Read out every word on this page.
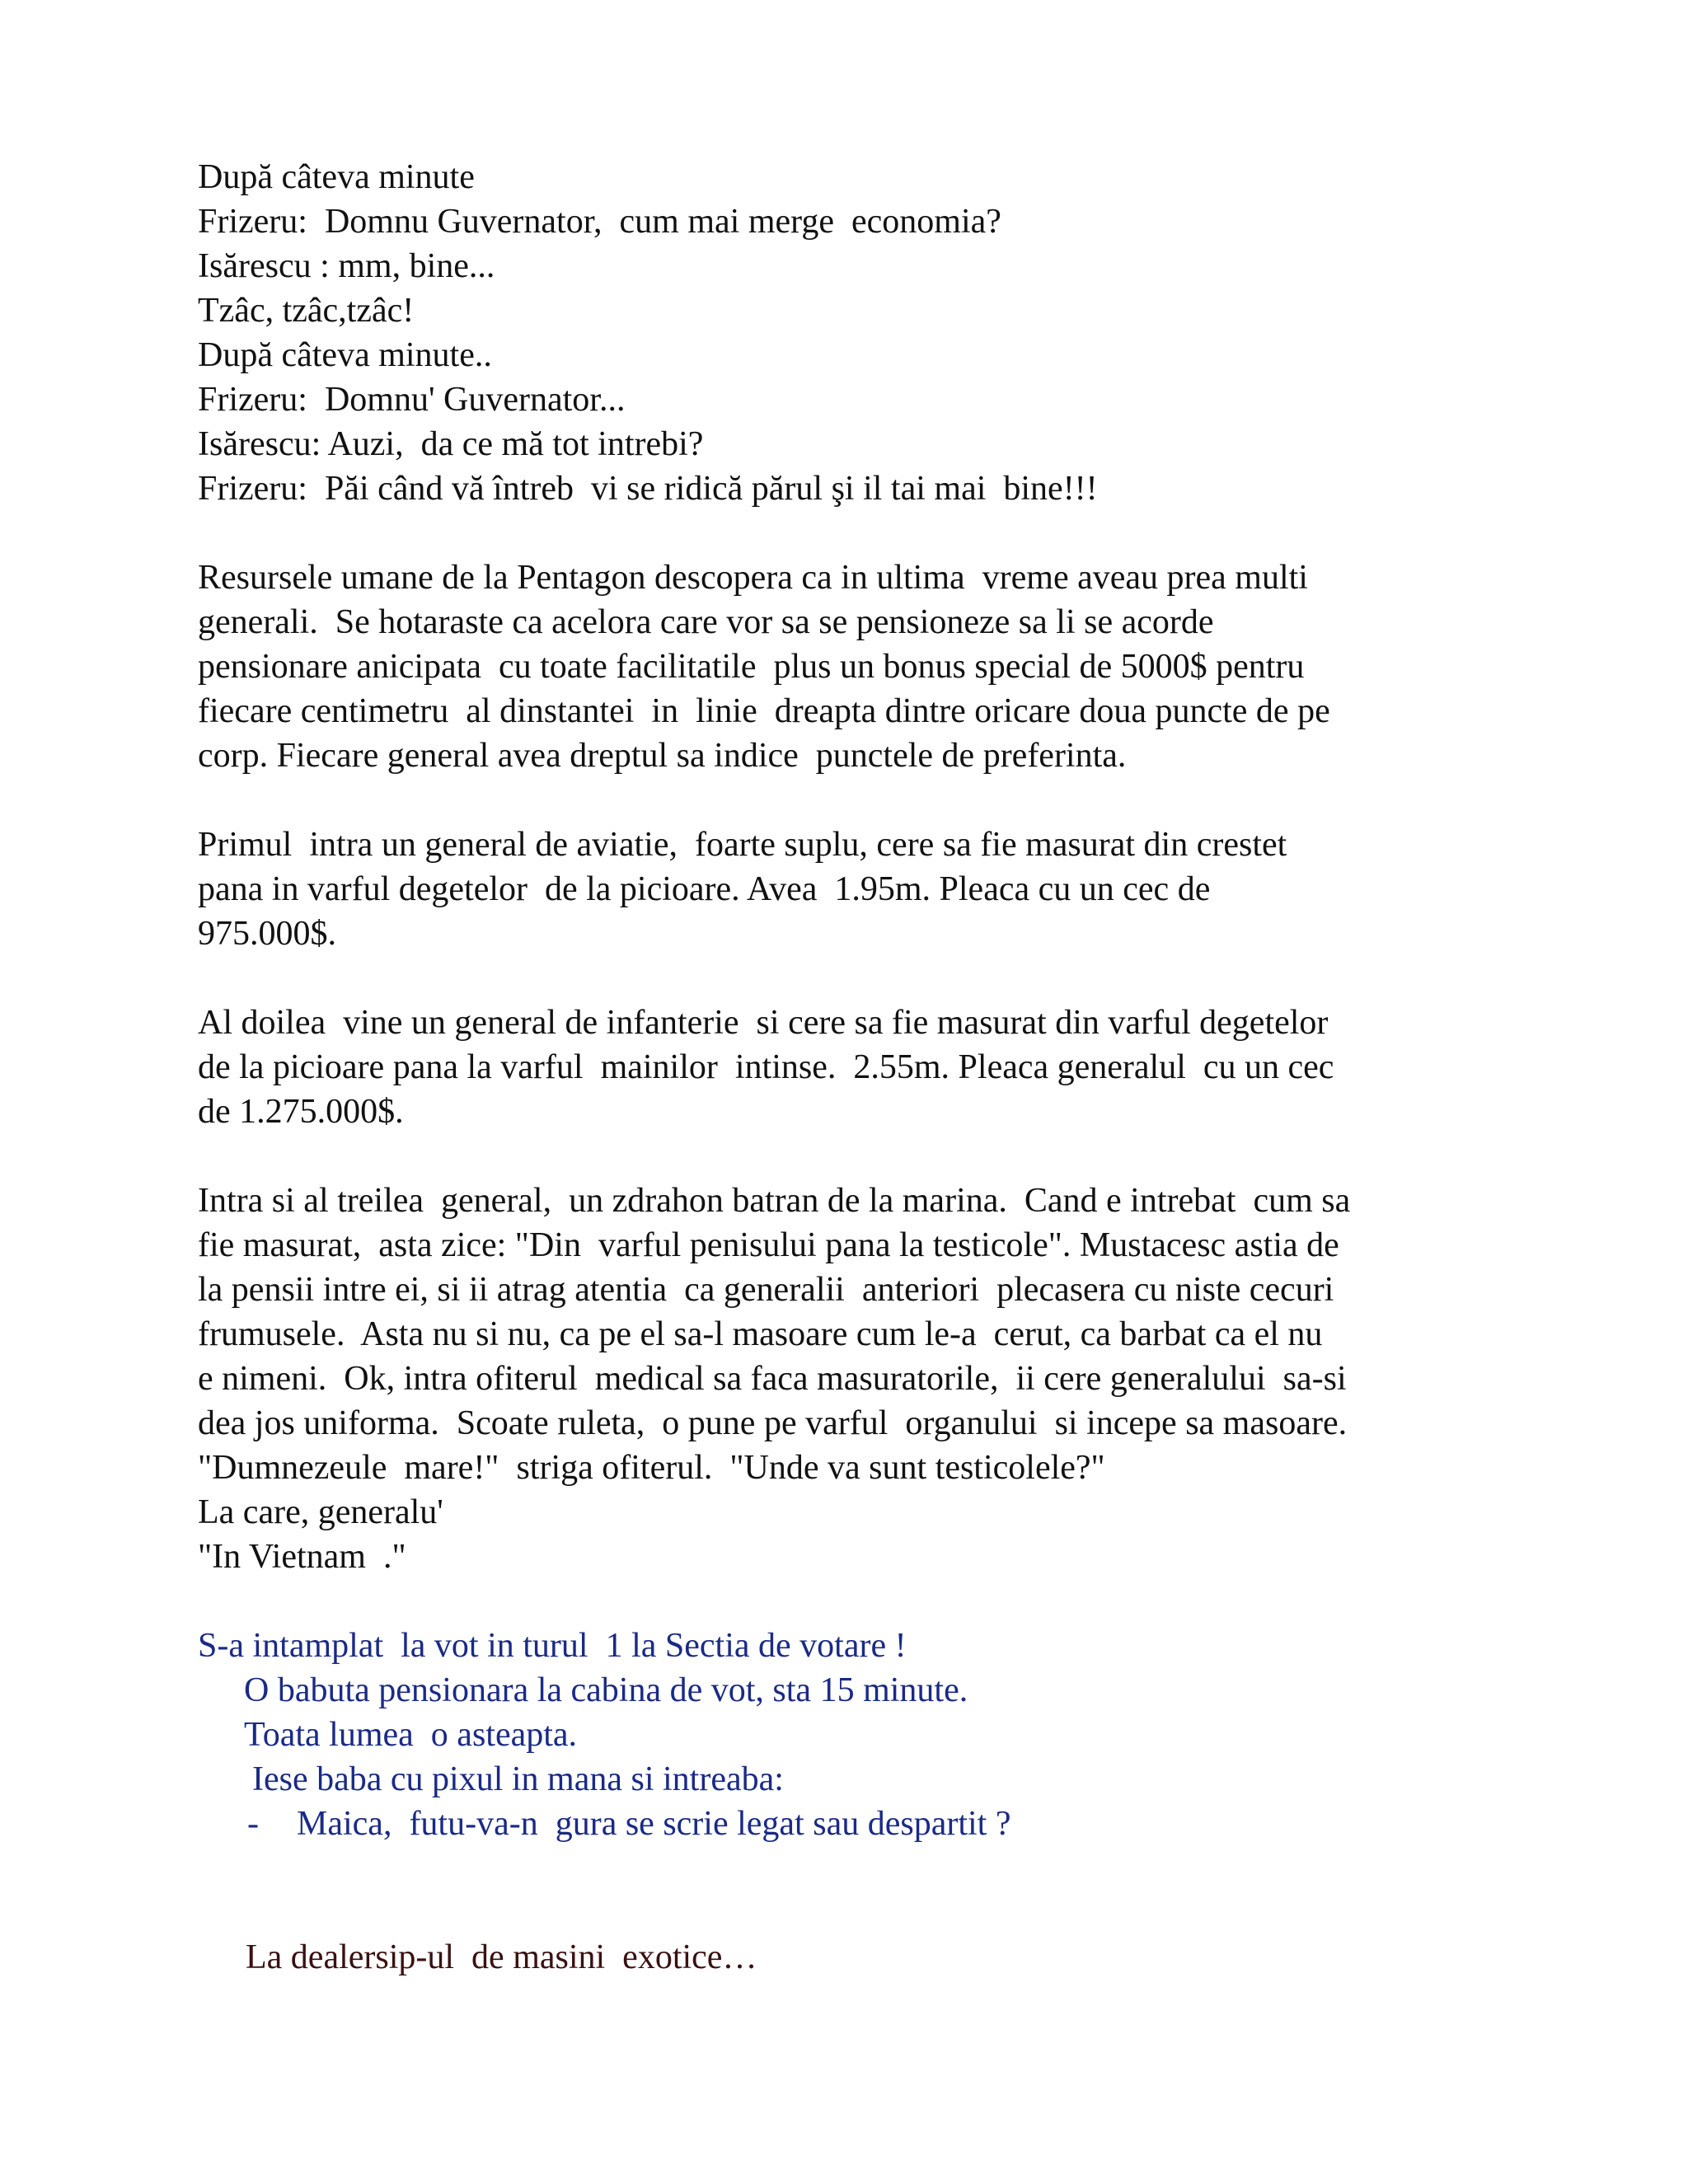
După câteva minute
Frizeru:  Domnu Guvernator,  cum mai merge  economia?
Isărescu : mm, bine...
Tzâc, tzâc,tzâc!
După câteva minute..
Frizeru:  Domnu' Guvernator...
Isărescu: Auzi,  da ce mă tot intrebi?
Frizeru:  Păi când vă întreb  vi se ridică părul şi il tai mai  bine!!!
Resursele umane de la Pentagon descopera ca in ultima  vreme aveau prea multi
generali.  Se hotaraste ca acelora care vor sa se pensioneze sa li se acorde
pensionare anicipata  cu toate facilitatile  plus un bonus special de 5000$ pentru
fiecare centimetru  al dinstantei  in  linie  dreapta dintre oricare doua puncte de pe
corp. Fiecare general avea dreptul sa indice  punctele de preferinta.
Primul  intra un general de aviatie,  foarte suplu, cere sa fie masurat din crestet
pana in varful degetelor  de la picioare. Avea  1.95m. Pleaca cu un cec de
975.000$.
Al doilea  vine un general de infanterie  si cere sa fie masurat din varful degetelor
de la picioare pana la varful  mainilor  intinse.  2.55m. Pleaca generalul  cu un cec
de 1.275.000$.
Intra si al treilea  general,  un zdrahon batran de la marina.  Cand e intrebat  cum sa
fie masurat,  asta zice: "Din  varful penisului pana la testicole". Mustacesc astia de
la pensii intre ei, si ii atrag atentia  ca generalii  anteriori  plecasera cu niste cecuri
frumusele.  Asta nu si nu, ca pe el sa-l masoare cum le-a  cerut, ca barbat ca el nu
e nimeni.  Ok, intra ofiterul  medical sa faca masuratorile,  ii cere generalului  sa-si
dea jos uniforma.  Scoate ruleta,  o pune pe varful  organului  si incepe sa masoare.
"Dumnezeule  mare!"  striga ofiterul.  "Unde va sunt testicolele?"
La care, generalu'
"In Vietnam  ."
S-a intamplat  la vot in turul  1 la Sectia de votare !
O babuta pensionara la cabina de vot, sta 15 minute.
Toata lumea  o asteapta.
Iese baba cu pixul in mana si intreaba:
- Maica,  futu-va-n  gura se scrie legat sau despartit ?
La dealersip-ul  de masini  exotice…
